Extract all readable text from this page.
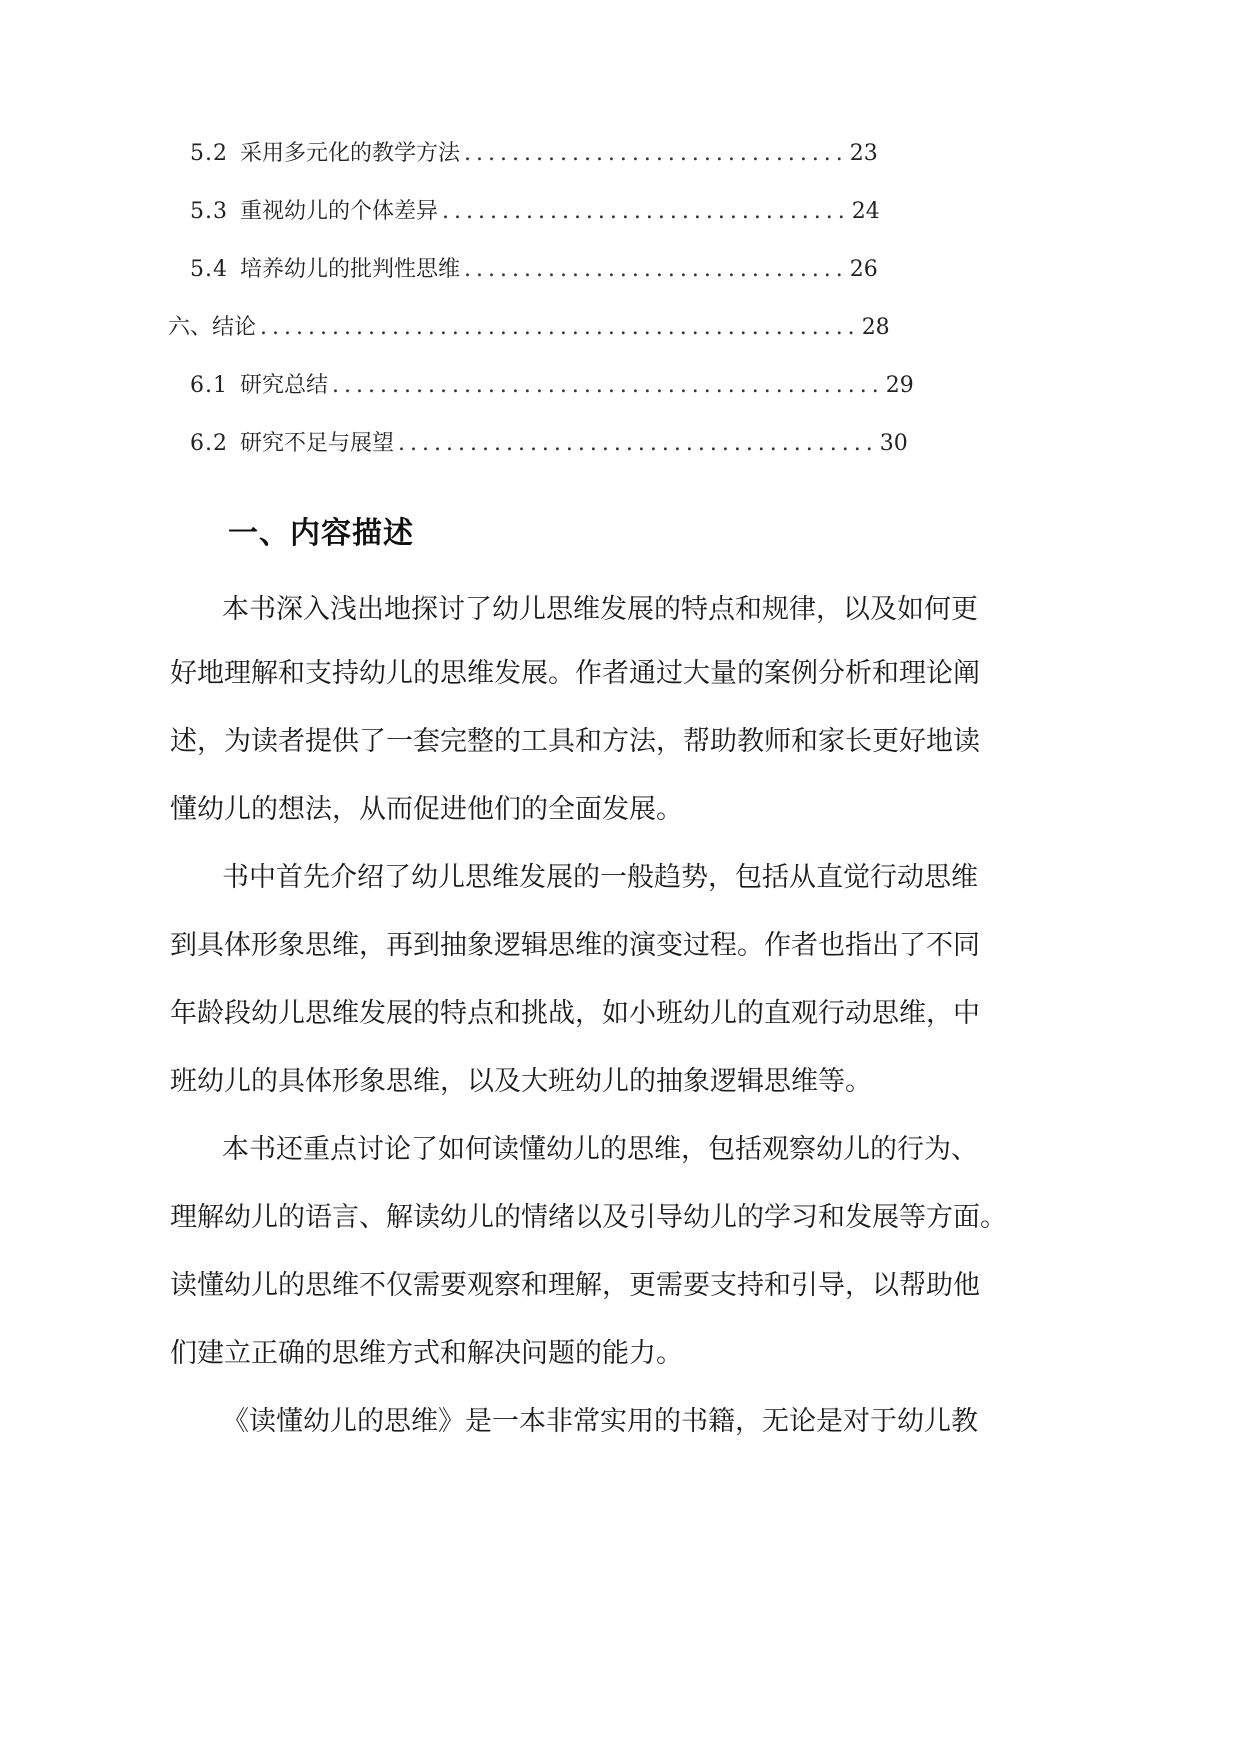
5.2 采用多元化的教学方法 ................................ 23
5.3 重视幼儿的个体差异 .................................. 24
5.4 培养幼儿的批判性思维 ................................ 26
六、结论 .................................................. 28
6.1 研究总结 .............................................. 29
6.2 研究不足与展望 ........................................ 30
一、内容描述
本书深入浅出地探讨了幼儿思维发展的特点和规律，以及如何更
好地理解和支持幼儿的思维发展。作者通过大量的案例分析和理论阐
述，为读者提供了一套完整的工具和方法，帮助教师和家长更好地读
懂幼儿的想法，从而促进他们的全面发展。
书中首先介绍了幼儿思维发展的一般趋势，包括从直觉行动思维
到具体形象思维，再到抽象逻辑思维的演变过程。作者也指出了不同
年龄段幼儿思维发展的特点和挑战，如小班幼儿的直观行动思维，中
班幼儿的具体形象思维，以及大班幼儿的抽象逻辑思维等。
本书还重点讨论了如何读懂幼儿的思维，包括观察幼儿的行为、
理解幼儿的语言、解读幼儿的情绪以及引导幼儿的学习和发展等方面。
读懂幼儿的思维不仅需要观察和理解，更需要支持和引导，以帮助他
们建立正确的思维方式和解决问题的能力。
《读懂幼儿的思维》是一本非常实用的书籍，无论是对于幼儿教
